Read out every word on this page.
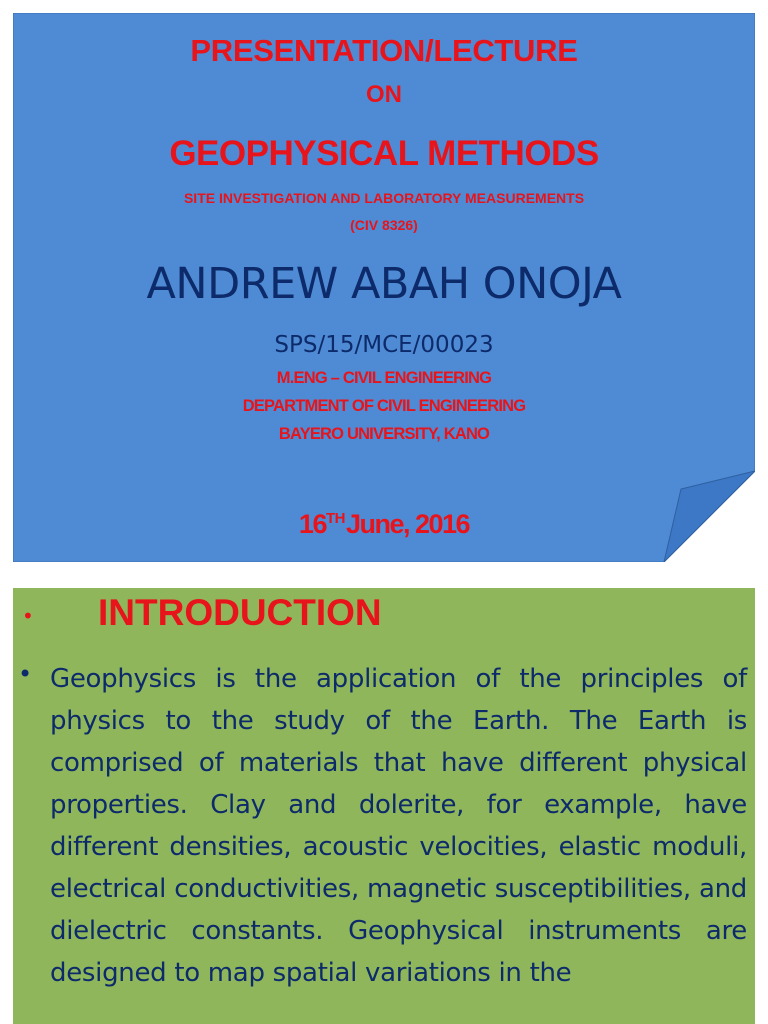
PRESENTATION/LECTURE
ON
GEOPHYSICAL METHODS
SITE INVESTIGATION AND LABORATORY MEASUREMENTS
(CIV 8326)
ANDREW ABAH ONOJA
SPS/15/MCE/00023
M.ENG – CIVIL ENGINEERING
DEPARTMENT OF CIVIL ENGINEERING
BAYERO UNIVERSITY, KANO
16THJune, 2016
• INTRODUCTION
• Geophysics is the application of the principles of physics to the study of the Earth. The Earth is comprised of materials that have different physical properties. Clay and dolerite, for example, have different densities, acoustic velocities, elastic moduli, electrical conductivities, magnetic susceptibilities, and dielectric constants. Geophysical instruments are designed to map spatial variations in the
